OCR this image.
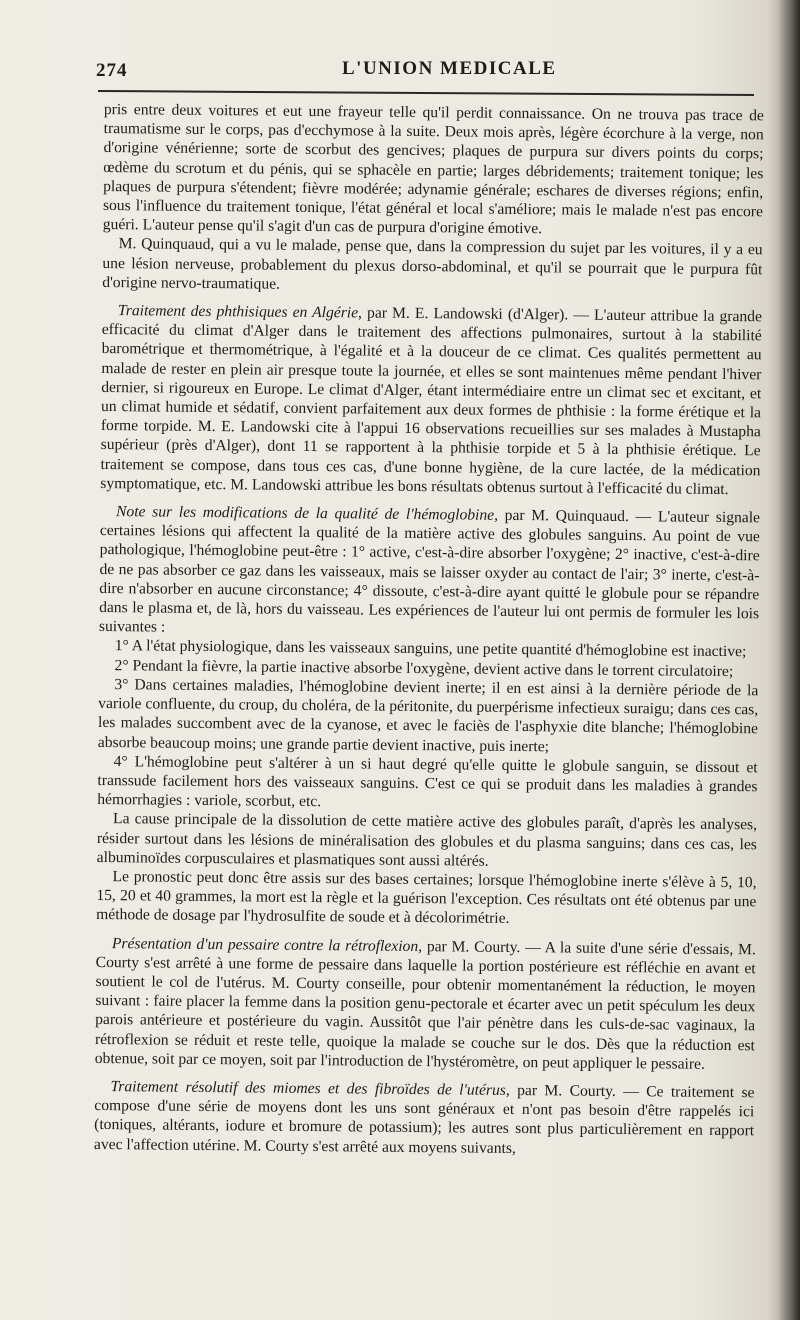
274	L'UNION MEDICALE

pris entre deux voitures et eut une frayeur telle qu'il perdit connaissance. On ne trouva pas trace de traumatisme sur le corps, pas d'ecchymose à la suite. Deux mois après, légère écorchure à la verge, non d'origine vénérienne; sorte de scorbut des gencives; plaques de purpura sur divers points du corps; œdème du scrotum et du pénis, qui se sphacèle en partie; larges débridements; traitement tonique; les plaques de purpura s'étendent; fièvre modérée; adynamie générale; eschares de diverses régions; enfin, sous l'influence du traitement tonique, l'état général et local s'améliore; mais le malade n'est pas encore guéri. L'auteur pense qu'il s'agit d'un cas de purpura d'origine émotive.

M. Quinquaud, qui a vu le malade, pense que, dans la compression du sujet par les voitures, il y a eu une lésion nerveuse, probablement du plexus dorso-abdominal, et qu'il se pourrait que le purpura fût d'origine nervo-traumatique.

Traitement des phthisiques en Algérie, par M. E. Landowski (d'Alger). — L'auteur attribue la grande efficacité du climat d'Alger dans le traitement des affections pulmonaires, surtout à la stabilité barométrique et thermométrique, à l'égalité et à la douceur de ce climat. Ces qualités permettent au malade de rester en plein air presque toute la journée, et elles se sont maintenues même pendant l'hiver dernier, si rigoureux en Europe. Le climat d'Alger, étant intermédiaire entre un climat sec et excitant, et un climat humide et sédatif, convient parfaitement aux deux formes de phthisie : la forme érétique et la forme torpide. M. E. Landowski cite à l'appui 16 observations recueillies sur ses malades à Mustapha supérieur (près d'Alger), dont 11 se rapportent à la phthisie torpide et 5 à la phthisie érétique. Le traitement se compose, dans tous ces cas, d'une bonne hygiène, de la cure lactée, de la médication symptomatique, etc. M. Landowski attribue les bons résultats obtenus surtout à l'efficacité du climat.

Note sur les modifications de la qualité de l'hémoglobine, par M. Quinquaud. — L'auteur signale certaines lésions qui affectent la qualité de la matière active des globules sanguins. Au point de vue pathologique, l'hémoglobine peut-être : 1° active, c'est-à-dire absorber l'oxygène; 2° inactive, c'est-à-dire de ne pas absorber ce gaz dans les vaisseaux, mais se laisser oxyder au contact de l'air; 3° inerte, c'est-à-dire n'absorber en aucune circonstance; 4° dissoute, c'est-à-dire ayant quitté le globule pour se répandre dans le plasma et, de là, hors du vaisseau. Les expériences de l'auteur lui ont permis de formuler les lois suivantes :

1° A l'état physiologique, dans les vaisseaux sanguins, une petite quantité d'hémoglobine est inactive;

2° Pendant la fièvre, la partie inactive absorbe l'oxygène, devient active dans le torrent circulatoire;

3° Dans certaines maladies, l'hémoglobine devient inerte; il en est ainsi à la dernière période de la variole confluente, du croup, du choléra, de la péritonite, du puerpérisme infectieux suraigu; dans ces cas, les malades succombent avec de la cyanose, et avec le faciès de l'asphyxie dite blanche; l'hémoglobine absorbe beaucoup moins; une grande partie devient inactive, puis inerte;

4° L'hémoglobine peut s'altérer à un si haut degré qu'elle quitte le globule sanguin, se dissout et transsude facilement hors des vaisseaux sanguins. C'est ce qui se produit dans les maladies à grandes hémorrhagies : variole, scorbut, etc.

La cause principale de la dissolution de cette matière active des globules paraît, d'après les analyses, résider surtout dans les lésions de minéralisation des globules et du plasma sanguins; dans ces cas, les albuminoïdes corpusculaires et plasmatiques sont aussi altérés.

Le pronostic peut donc être assis sur des bases certaines; lorsque l'hémoglobine inerte s'élève à 5, 10, 15, 20 et 40 grammes, la mort est la règle et la guérison l'exception. Ces résultats ont été obtenus par une méthode de dosage par l'hydrosulfite de soude et à décolorimétrie.

Présentation d'un pessaire contre la rétroflexion, par M. Courty. — A la suite d'une série d'essais, M. Courty s'est arrêté à une forme de pessaire dans laquelle la portion postérieure est réfléchie en avant et soutient le col de l'utérus. M. Courty conseille, pour obtenir momentanément la réduction, le moyen suivant : faire placer la femme dans la position genu-pectorale et écarter avec un petit spéculum les deux parois antérieure et postérieure du vagin. Aussitôt que l'air pénètre dans les culs-de-sac vaginaux, la rétroflexion se réduit et reste telle, quoique la malade se couche sur le dos. Dès que la réduction est obtenue, soit par ce moyen, soit par l'introduction de l'hystéromètre, on peut appliquer le pessaire.

Traitement résolutif des miomes et des fibroïdes de l'utérus, par M. Courty. — Ce traitement se compose d'une série de moyens dont les uns sont généraux et n'ont pas besoin d'être rappelés ici (toniques, altérants, iodure et bromure de potassium); les autres sont plus particulièrement en rapport avec l'affection utérine. M. Courty s'est arrêté aux moyens suivants,
